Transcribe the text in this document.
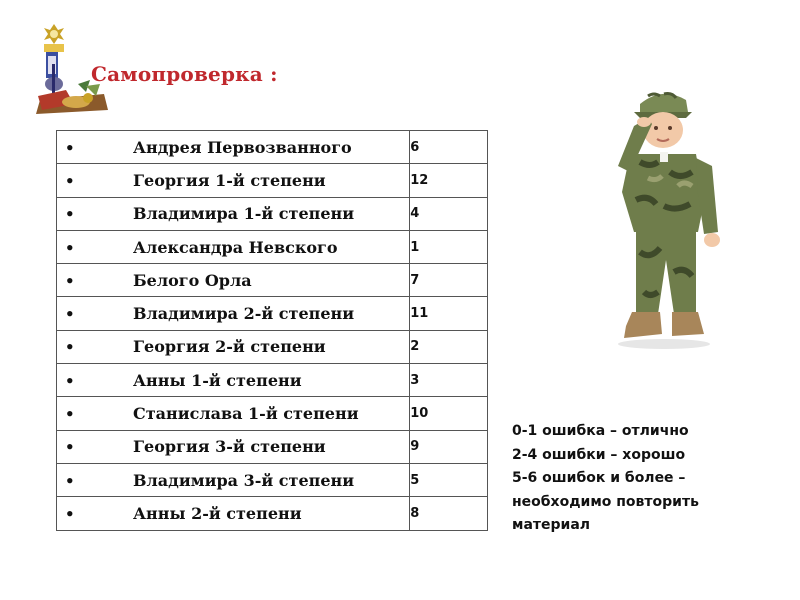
Самопроверка :
• Андрея Первозванного	6
• Георгия 1-й степени	12
• Владимира 1-й степени	4
• Александра Невского	1
• Белого Орла	7
• Владимира 2-й степени	11
• Георгия 2-й степени	2
• Анны 1-й степени	3
• Станислава 1-й степени	10
• Георгия 3-й степени	9
• Владимира 3-й степени	5
• Анны 2-й степени	8
0-1 ошибка – отлично
2-4 ошибки – хорошо
5-6 ошибок и более –
необходимо повторить
материал
